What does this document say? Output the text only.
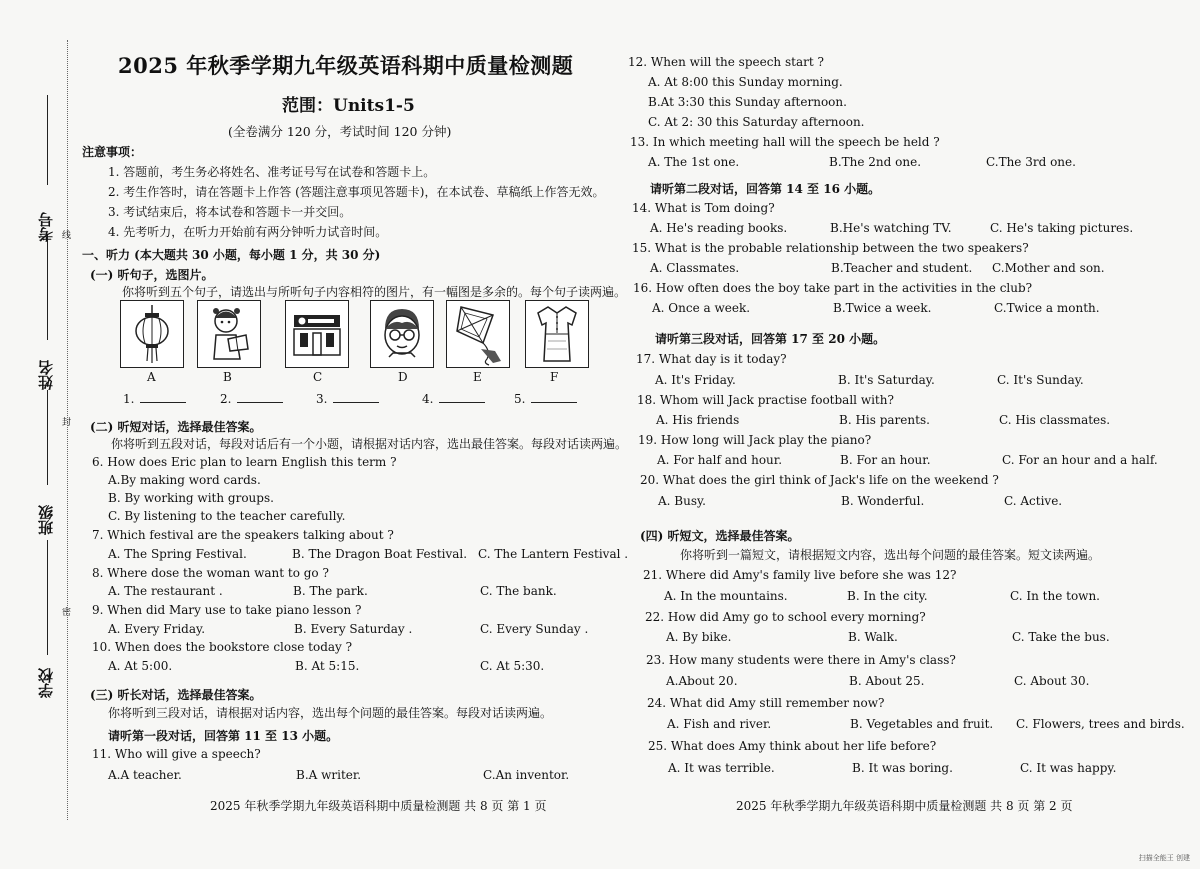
考号
姓名
班级
学校
线
封
密
2025 年秋季学期九年级英语科期中质量检测题
范围：Units1-5
(全卷满分 120 分，考试时间 120 分钟)
注意事项：
1. 答题前，考生务必将姓名、准考证号写在试卷和答题卡上。
2. 考生作答时，请在答题卡上作答 (答题注意事项见答题卡)，在本试卷、草稿纸上作答无效。
3. 考试结束后，将本试卷和答题卡一并交回。
4. 先考听力，在听力开始前有两分钟听力试音时间。
一、听力 (本大题共 30 小题，每小题 1 分，共 30 分)
(一) 听句子，选图片。
你将听到五个句子，请选出与所听句子内容相符的图片，有一幅图是多余的。每个句子读两遍。
A	B	C	D	E	F
1.	2.	3.	4.	5.
(二) 听短对话，选择最佳答案。
你将听到五段对话，每段对话后有一个小题，请根据对话内容，选出最佳答案。每段对话读两遍。
6. How does Eric plan to learn English this term ?
A.By making word cards.
B. By working with groups.
C. By listening to the teacher carefully.
7. Which festival are the speakers talking about ?
A. The Spring Festival.	B. The Dragon Boat Festival. C. The Lantern Festival .
8. Where dose the woman want to go ?
A. The restaurant .	B. The park.	C. The bank.
9. When did Mary use to take piano lesson ?
A. Every Friday.	B. Every Saturday .	C. Every Sunday .
10. When does the bookstore close today ?
A. At 5:00.	B. At 5:15.	C. At 5:30.
(三) 听长对话，选择最佳答案。
你将听到三段对话，请根据对话内容，选出每个问题的最佳答案。每段对话读两遍。
请听第一段对话，回答第 11 至 13 小题。
11. Who will give a speech?
A.A teacher.	B.A writer.	C.An inventor.
2025 年秋季学期九年级英语科期中质量检测题 共 8 页 第 1 页
12. When will the speech start ?
A. At 8:00 this Sunday morning.
B.At 3:30 this Sunday afternoon.
C. At 2: 30 this Saturday afternoon.
13. In which meeting hall will the speech be held ?
A. The 1st one.	B.The 2nd one.	C.The 3rd one.
请听第二段对话，回答第 14 至 16 小题。
14. What is Tom doing?
A. He's reading books.	B.He's watching TV.	C. He's taking pictures.
15. What is the probable relationship between the two speakers?
A. Classmates.	B.Teacher and student. C.Mother and son.
16. How often does the boy take part in the activities in the club?
A. Once a week.	B.Twice a week.	C.Twice a month.
请听第三段对话，回答第 17 至 20 小题。
17. What day is it today?
A. It's Friday.	B. It's Saturday.	C. It's Sunday.
18. Whom will Jack practise football with?
A. His friends	B. His parents.	C. His classmates.
19. How long will Jack play the piano?
A. For half and hour.	B. For an hour.	C. For an hour and a half.
20. What does the girl think of Jack's life on the weekend ?
A. Busy.	B. Wonderful.	C. Active.
(四) 听短文，选择最佳答案。
你将听到一篇短文，请根据短文内容，选出每个问题的最佳答案。短文读两遍。
21. Where did Amy's family live before she was 12?
A. In the mountains.	B. In the city.	C. In the town.
22. How did Amy go to school every morning?
A. By bike.	B. Walk.	C. Take the bus.
23. How many students were there in Amy's class?
A.About 20.	B. About 25.	C. About 30.
24. What did Amy still remember now?
A. Fish and river.	B. Vegetables and fruit. C. Flowers, trees and birds.
25. What does Amy think about her life before?
A. It was terrible.	B. It was boring.	C. It was happy.
2025 年秋季学期九年级英语科期中质量检测题 共 8 页 第 2 页
扫描全能王 创建
